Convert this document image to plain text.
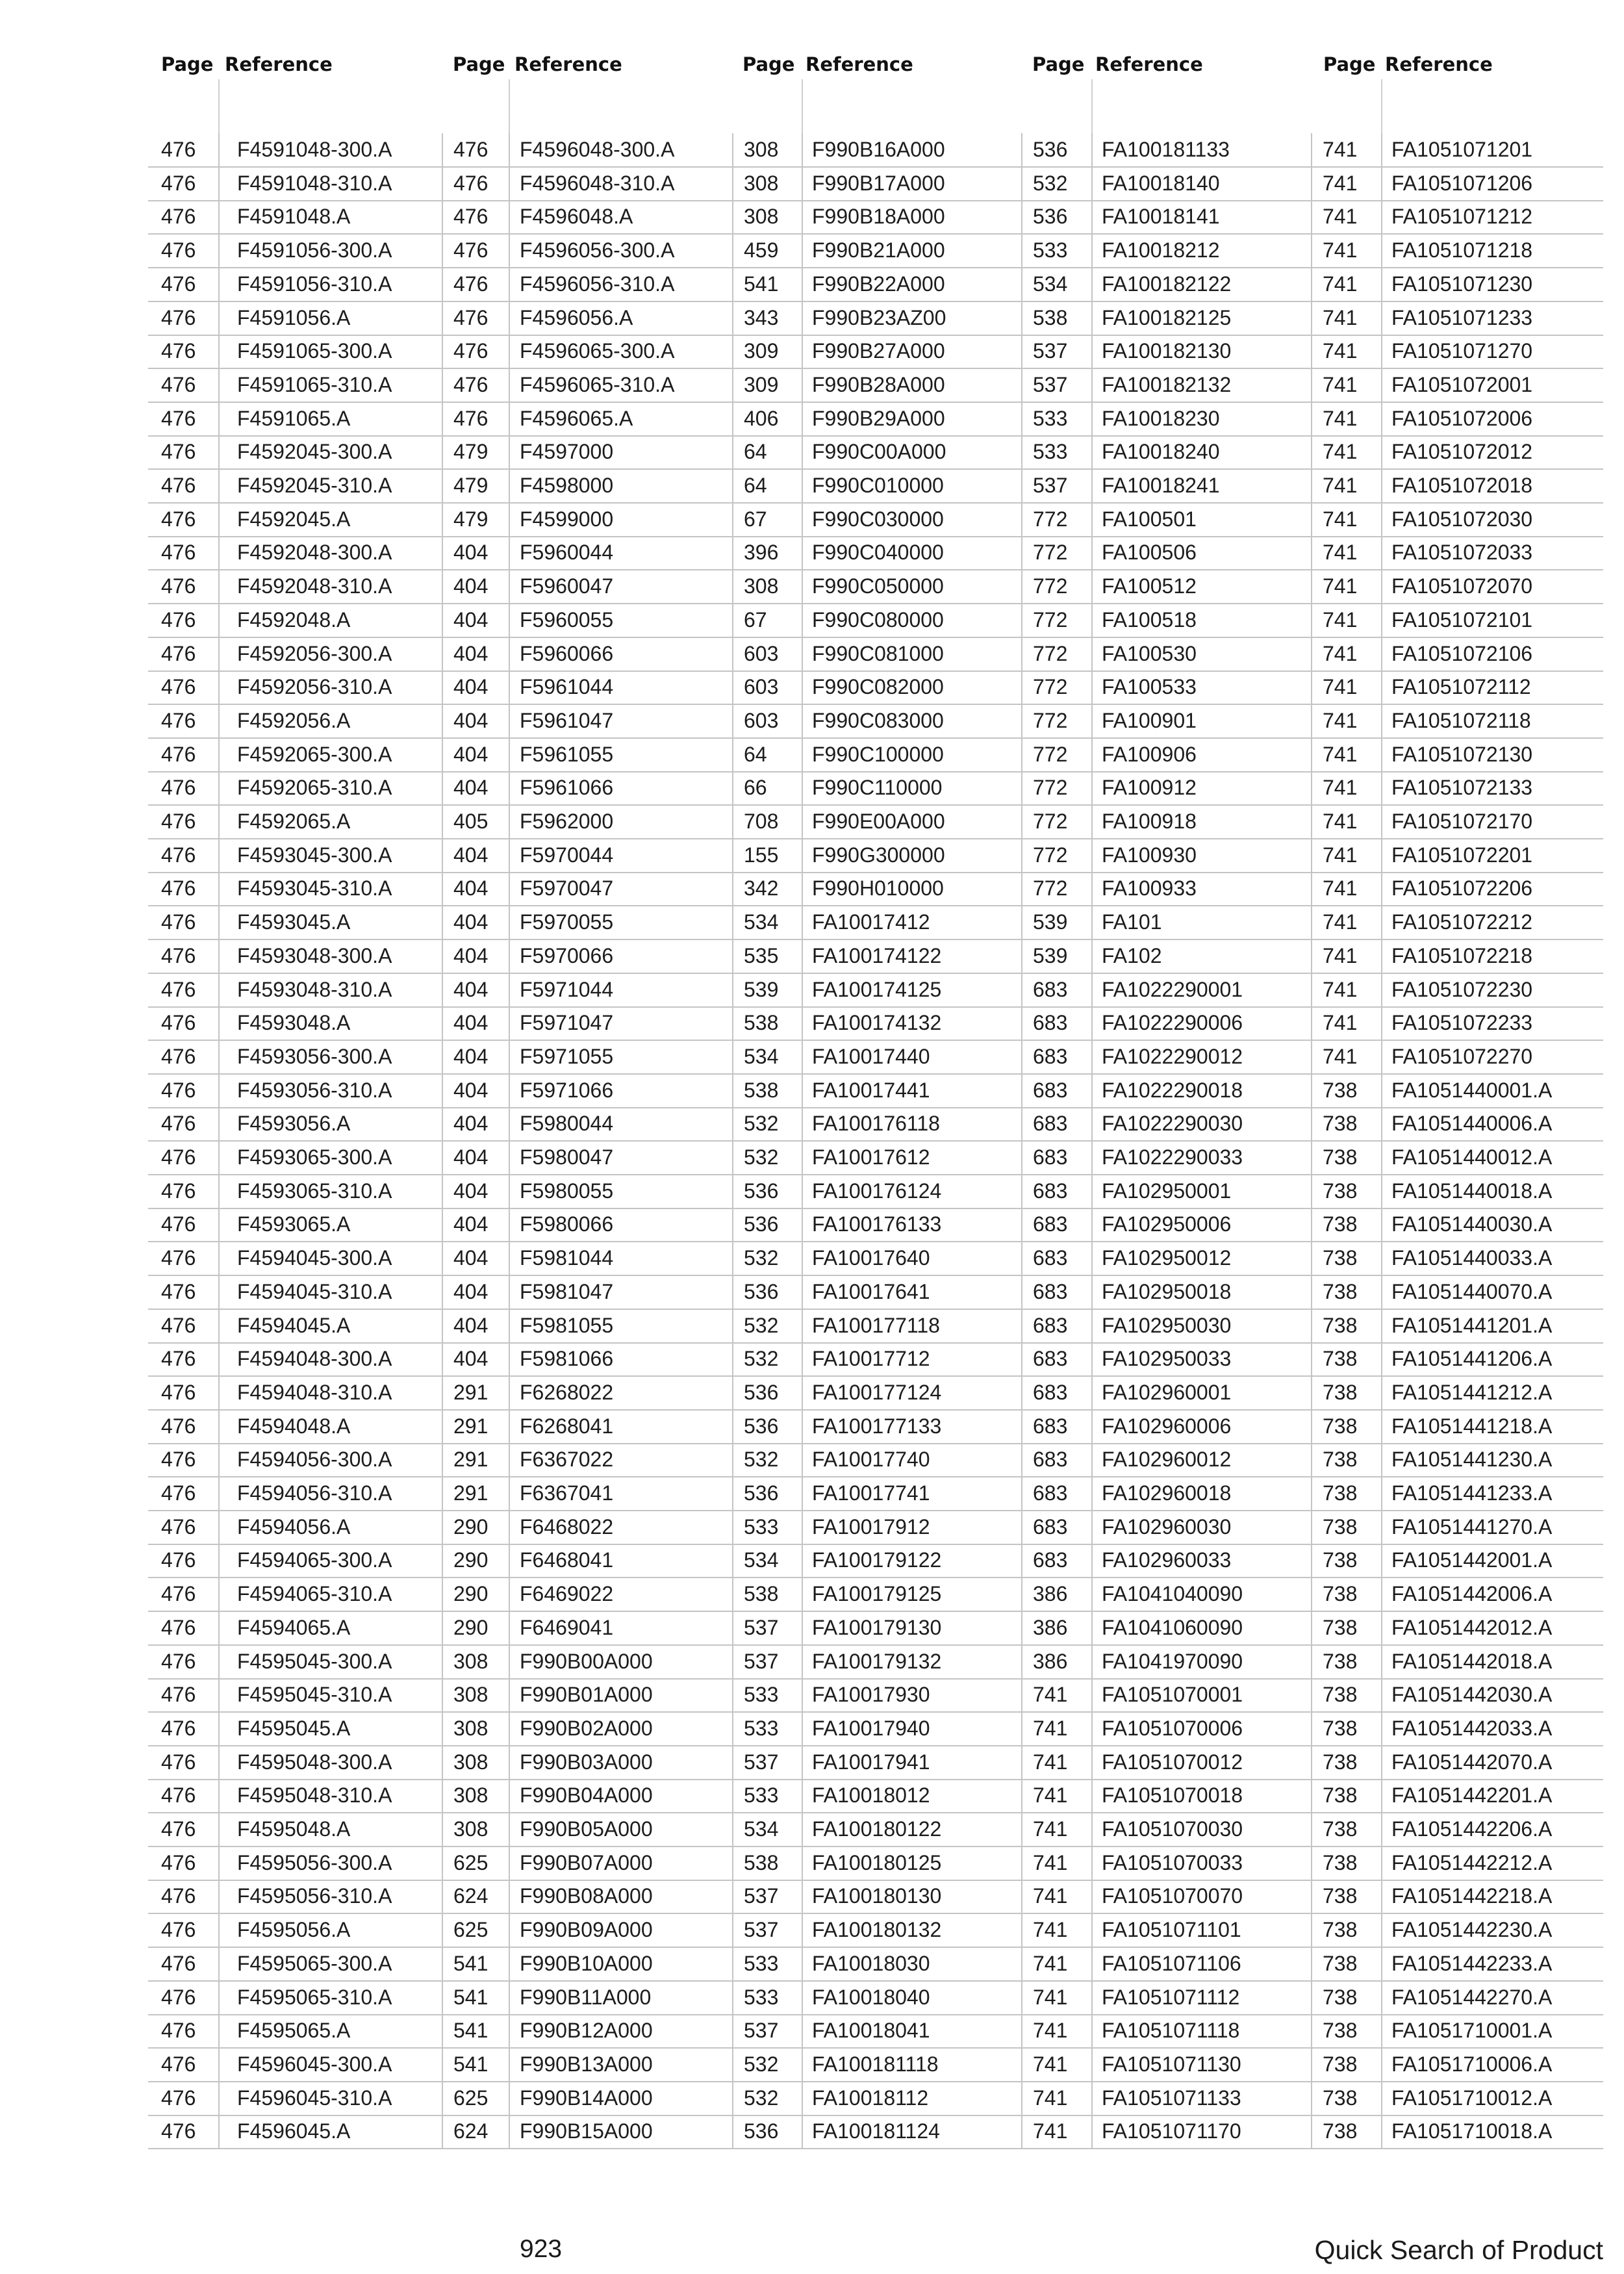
Page Reference	Page Reference	Page Reference	Page Reference	Page Reference
476 F4591048-300.A	476 F4596048-300.A	308 F990B16A000	536 FA100181133	741 FA1051071201
476 F4591048-310.A	476 F4596048-310.A	308 F990B17A000	532 FA10018140	741 FA1051071206
476 F4591048.A	476 F4596048.A	308 F990B18A000	536 FA10018141	741 FA1051071212
476 F4591056-300.A	476 F4596056-300.A	459 F990B21A000	533 FA10018212	741 FA1051071218
476 F4591056-310.A	476 F4596056-310.A	541 F990B22A000	534 FA100182122	741 FA1051071230
476 F4591056.A	476 F4596056.A	343 F990B23AZ00	538 FA100182125	741 FA1051071233
476 F4591065-300.A	476 F4596065-300.A	309 F990B27A000	537 FA100182130	741 FA1051071270
476 F4591065-310.A	476 F4596065-310.A	309 F990B28A000	537 FA100182132	741 FA1051072001
476 F4591065.A	476 F4596065.A	406 F990B29A000	533 FA10018230	741 FA1051072006
476 F4592045-300.A	479 F4597000	64 F990C00A000	533 FA10018240	741 FA1051072012
476 F4592045-310.A	479 F4598000	64 F990C010000	537 FA10018241	741 FA1051072018
476 F4592045.A	479 F4599000	67 F990C030000	772 FA100501	741 FA1051072030
476 F4592048-300.A	404 F5960044	396 F990C040000	772 FA100506	741 FA1051072033
476 F4592048-310.A	404 F5960047	308 F990C050000	772 FA100512	741 FA1051072070
476 F4592048.A	404 F5960055	67 F990C080000	772 FA100518	741 FA1051072101
476 F4592056-300.A	404 F5960066	603 F990C081000	772 FA100530	741 FA1051072106
476 F4592056-310.A	404 F5961044	603 F990C082000	772 FA100533	741 FA1051072112
476 F4592056.A	404 F5961047	603 F990C083000	772 FA100901	741 FA1051072118
476 F4592065-300.A	404 F5961055	64 F990C100000	772 FA100906	741 FA1051072130
476 F4592065-310.A	404 F5961066	66 F990C110000	772 FA100912	741 FA1051072133
476 F4592065.A	405 F5962000	708 F990E00A000	772 FA100918	741 FA1051072170
476 F4593045-300.A	404 F5970044	155 F990G300000	772 FA100930	741 FA1051072201
476 F4593045-310.A	404 F5970047	342 F990H010000	772 FA100933	741 FA1051072206
476 F4593045.A	404 F5970055	534 FA10017412	539 FA101	741 FA1051072212
476 F4593048-300.A	404 F5970066	535 FA100174122	539 FA102	741 FA1051072218
476 F4593048-310.A	404 F5971044	539 FA100174125	683 FA1022290001	741 FA1051072230
476 F4593048.A	404 F5971047	538 FA100174132	683 FA1022290006	741 FA1051072233
476 F4593056-300.A	404 F5971055	534 FA10017440	683 FA1022290012	741 FA1051072270
476 F4593056-310.A	404 F5971066	538 FA10017441	683 FA1022290018	738 FA1051440001.A
476 F4593056.A	404 F5980044	532 FA100176118	683 FA1022290030	738 FA1051440006.A
476 F4593065-300.A	404 F5980047	532 FA10017612	683 FA1022290033	738 FA1051440012.A
476 F4593065-310.A	404 F5980055	536 FA100176124	683 FA102950001	738 FA1051440018.A
476 F4593065.A	404 F5980066	536 FA100176133	683 FA102950006	738 FA1051440030.A
476 F4594045-300.A	404 F5981044	532 FA10017640	683 FA102950012	738 FA1051440033.A
476 F4594045-310.A	404 F5981047	536 FA10017641	683 FA102950018	738 FA1051440070.A
476 F4594045.A	404 F5981055	532 FA100177118	683 FA102950030	738 FA1051441201.A
476 F4594048-300.A	404 F5981066	532 FA10017712	683 FA102950033	738 FA1051441206.A
476 F4594048-310.A	291 F6268022	536 FA100177124	683 FA102960001	738 FA1051441212.A
476 F4594048.A	291 F6268041	536 FA100177133	683 FA102960006	738 FA1051441218.A
476 F4594056-300.A	291 F6367022	532 FA10017740	683 FA102960012	738 FA1051441230.A
476 F4594056-310.A	291 F6367041	536 FA10017741	683 FA102960018	738 FA1051441233.A
476 F4594056.A	290 F6468022	533 FA10017912	683 FA102960030	738 FA1051441270.A
476 F4594065-300.A	290 F6468041	534 FA100179122	683 FA102960033	738 FA1051442001.A
476 F4594065-310.A	290 F6469022	538 FA100179125	386 FA1041040090	738 FA1051442006.A
476 F4594065.A	290 F6469041	537 FA100179130	386 FA1041060090	738 FA1051442012.A
476 F4595045-300.A	308 F990B00A000	537 FA100179132	386 FA1041970090	738 FA1051442018.A
476 F4595045-310.A	308 F990B01A000	533 FA10017930	741 FA1051070001	738 FA1051442030.A
476 F4595045.A	308 F990B02A000	533 FA10017940	741 FA1051070006	738 FA1051442033.A
476 F4595048-300.A	308 F990B03A000	537 FA10017941	741 FA1051070012	738 FA1051442070.A
476 F4595048-310.A	308 F990B04A000	533 FA10018012	741 FA1051070018	738 FA1051442201.A
476 F4595048.A	308 F990B05A000	534 FA100180122	741 FA1051070030	738 FA1051442206.A
476 F4595056-300.A	625 F990B07A000	538 FA100180125	741 FA1051070033	738 FA1051442212.A
476 F4595056-310.A	624 F990B08A000	537 FA100180130	741 FA1051070070	738 FA1051442218.A
476 F4595056.A	625 F990B09A000	537 FA100180132	741 FA1051071101	738 FA1051442230.A
476 F4595065-300.A	541 F990B10A000	533 FA10018030	741 FA1051071106	738 FA1051442233.A
476 F4595065-310.A	541 F990B11A000	533 FA10018040	741 FA1051071112	738 FA1051442270.A
476 F4595065.A	541 F990B12A000	537 FA10018041	741 FA1051071118	738 FA1051710001.A
476 F4596045-300.A	541 F990B13A000	532 FA100181118	741 FA1051071130	738 FA1051710006.A
476 F4596045-310.A	625 F990B14A000	532 FA10018112	741 FA1051071133	738 FA1051710012.A
476 F4596045.A	624 F990B15A000	536 FA100181124	741 FA1051071170	738 FA1051710018.A
923	Quick Search of Product
